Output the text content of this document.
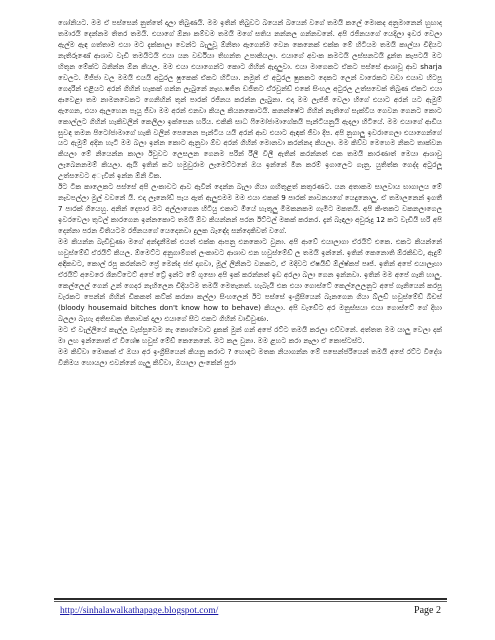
ශෝනියට. මම ඒ පස්සෙන් නුත්තේ දාලා තිබුණයි. මම ඉතින් තිබුවට බයෙන් බයෙන් වගේ තමයි කලේ මොකද අනුමානෙන් හුඟාද තමාරයි දෙන්නම තිතර තමයි. එයාගේ ඕනා කම්වම තමයි මගේ සතිය නන්නල ගන්නවනේ. අපි රජිනයගේ යෙදිලා ඉවර වෙලා ඇල්ම ඇඳ ගත්තාම එයා මට දැක්කාලා වෙන්ට බැලුවූ ඕනිතා ඇගෙන්ම වෙන කෙනෙක් එක්ක මේ හිටියම තමයි කාල්යා චිදියට නැතිරුණේ ආශාව වැඩි තමයිටයි එයා යන වර්ඩියා තිහන්ත උපාකියලා. එයාගේ අවංක කමටයි ලස්සනටයි දූන්ත කැපටයි මට හිතුන මේක්ට බනින්න ඕන කියල. මම එයා එයාගෙන්ට කොට ගිහින් ඇදලුවා. එයා මාගෙකට ඒකට පස්සේ ආශාවූ ආව sharja වෙලට. මිජිජා වල මමයි එයයි අටුරල ෂුකෙක් ඒකට හිටියා. නමුත් ඒ අටුරල ෂුකකට දෙකට ලෙන් වාරෙකට වඩා එයාව හිටපු ගෙදරින් එළියට අරන් ගිහින් හැකක් ගන්න ලැබුනේ නෑහ.ෂජිත ඩජිතට ඒ්රවුන්ඩ් එකේ සිංහල අටුරල උත්සවෙක් තිබුණ ඒකට එයා ආවෙළා තම නාමනවෙකට ගෙනිහින් තුන් පාරක් රජිනය කරන්න ලැබුනා. එදා මම ලැජ්ජි වෙලා හිගේ එයාට අරන් යට ඇමුම් ඇගෙන, එයා ඇලහෙන පැයු ජීවා මම අරන් එනවා කියල කියනකොටයි. කනන්ෂේට ගිහින් නැතිගේ සැක්වීය ගෙවන ගෙනට කොට කොල්ලට ගිහින් හැකිවලින් කෙලිලා ඉක්සෙන හරිය. එකිකි සාධ ෆීමෝජාමාගේකයි පැන්ටියනුයි ඇදලා හිටියේ. මම එයාගේ ආඩිය සුවඳ තමන පිටෝජාමාගේ හැකි වලින් පෙනෙන පැන්ටීය යයි අරන් ආව එයාට ඇඳක් ජීවා දීප. අපි නුගාලු ඉවරාගෙලා එයාගෙන්ගේ යට ඇමුම් අදින හැටි මම බලා ඉන්න කොට ඇනුවා ඕව අරන් ගිහින් මොනවා කරන්නද කියලා. මම කිව්ව මෙහෙම නිකට තාක්වන කියලා මේ නියෙන්න කාලා ඊවුවට ලෙසලන ගෙනම පරින් රීලී වීලී ඇතින් කරන්නත් එක තමයි කාරණාත් මෙයා ආශාවු ලැබෙනනමම් කියලා. ඇයි ඉතින් කට හමුවුරාම ලැමෙට්ටනේ ඔය ඉන්නේ මින කරම් ඉගාලෙට ගැනු. යුතිත්ක ගෙද්ද අටුරලූ උත්සවෙට අැවින් ඉන්න ඕනි වික.

ඊට ටික කාලෙකට පස්සේ අපි ලංකාවට ආව ඇවින් දෙන්න බැලා ගියා ගහීතුළත් කතුරණට. යන අතාකම සාලවාය භාගාලය මේ නෑවපල්ලා මුල් වවනේ යි. එදා ලෑනෝඩ් පැය ඇත් ඇලුළුමම මම එයා එකක් 9 පාරක් නාවනයගේ යෙදුනොලු. ඒ තමාලනෙන් ඉගතී 7 පාරක් ගියෙහු. අනින් දෙපාර මට අල්ලාගෙන හිටියු එකාට මියේ හැතුලු මිමකනකම ගැමිට මකතයි. අපි කිංතකට වකනලාගෙල ඉවරවෙලා තුටල් කාරගෙන ඉන්නකොට තමයි ඕව කියන්නන් පරන ඊට්ටල් මකක් කරනර. දැන් බැඳලා අවුරුදු 12 කට වැඩියි හරි අපි දෙන්නා පරන චිතියටම රජිනයගේ යෙදෙනවා දුලක බැඳේද සන්දෙකිවත් වගේ.

මම කියන්න බැඩිඩුණා මගේ අන්දැනීමක් එයත් එක්ක ආපනු එනකොට වුනා. අපි ආවේ එයාලාගා ඒරයිට් එකෙ. එකට කියන්නේ හවුස්මේඩ් ඒරයිට් කියල. ඕමෙට්ට අනුගාම්ගත් ලංකාවට ආශාව එන හවුස්මේඩ් ල තමයි ඉන්නේ. ඉතින් කෙනොති ඕරකිඩට, ඇදුම් අඳිකවට, කොල් රපු කරන්නට ප්‍රේ මෙන්ද ජප් දාගවා, මූල් ලිනිනට වනකට, ඒ මදිවට ඒෂයිඩ් ඕල්ෂ්කප් ප්‍රුජ්. ඉතින් අපේ එයාලෑහා ඒරයිට් අවෙරෙ ශිනට්ටෙට් අපේ ට්‍රේ ඉන්ට මේ ගුසො අපි ඉක් කරන්නත් ඉඩ අරලා බලා ගෙන ඉන්නවා. ඉතින් මම අපේ ගෑනි හාලු. කෙල්ලෙල් ගෙන් උන් ගෙදර නැහිලෙන චිදියටම තමයි මෙතැනත්. හැබැයි එක එයා ගොස්ටේ කෙල්ලෙලනුට අපේ ගෑනියෙන් කරපු වැරකට පෙන්න් ගිහින් ඩිකකත් කට්ක් කරනා කල්ලා සිංහලෙන් ඊට පස්සේ ඉංග්‍රීසියෙන් බැනගෙන ගියා බ්ලඩ් හවුස්මේඩ් බිචස් (bloody housemaid bitches don't know how to behave) කියලා. අපි වැඩේට අර මනුස්සයා එයා ගොස්ටේ ගේ දිහා බලලා බැහැ අතිසඩක තිනාවක් දාලා එයාගේ සීට එකට ගිහින් වාඩිවුණා.

මට ඒ වැල්ලියේ කැල්ල වැස්සුවෙම නැ කොග්වොට දුකක් මුන් ගන් අපේ රට්ට තමයි කරලා එව්වනේ. අත්තත මම යාලු වෙලා දක් මා ලහ ඉන්නොත් ඒ විශේෂ හවුස් මේඩ් කෙනෙනේ. මට කල වුනා. මම ළහට කරා නෑලා ඒ කොස්ටස්ට.

මම කිව්වා මොකක් ඒ ඔයා අර ඉංග්‍රීසියෙන් කියනු කරාට ? හොඳට මතක නියාගන්න මේ පසෙන්ජරියෙන් තමයි අපේ රට්ට විදේශ විනිමය හොයලා එවන්නේ ගැලු කිව්වා, ඔයාලා ලංකේන් පුරා

http://sinhalawalkathapage.blogspot.com/	Page 2
